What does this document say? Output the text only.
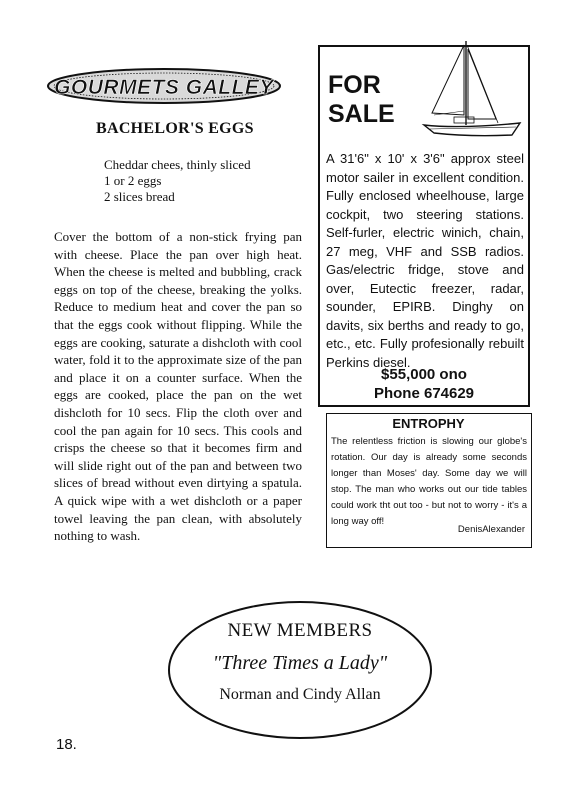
GOURMETS GALLEY
BACHELOR'S EGGS
Cheddar chees, thinly sliced
1 or 2 eggs
2 slices bread
Cover the bottom of a non-stick frying pan with cheese. Place the pan over high heat. When the cheese is melted and bubbling, crack eggs on top of the cheese, breaking the yolks. Reduce to medium heat and cover the pan so that the eggs cook without flipping. While the eggs are cooking, saturate a dishcloth with cool water, fold it to the approximate size of the pan and place it on a counter surface. When the eggs are cooked, place the pan on the wet dishcloth for 10 secs. Flip the cloth over and cool the pan again for 10 secs. This cools and crisps the cheese so that it becomes firm and will slide right out of the pan and between two slices of bread without even dirtying a spatula. A quick wipe with a wet dishcloth or a paper towel leaving the pan clean, with absolutely nothing to wash.
FOR
SALE
A 31'6" x 10' x 3'6" approx steel motor sailer in excellent condition. Fully enclosed wheelhouse, large cockpit, two steering stations. Self-furler, electric winich, chain, 27 meg, VHF and SSB radios. Gas/electric fridge, stove and over, Eutectic freezer, radar, sounder, EPIRB. Dinghy on davits, six berths and ready to go, etc., etc. Fully profesionally rebuilt Perkins diesel.
$55,000 ono
Phone 674629
ENTROPHY
The relentless friction is slowing our globe's rotation. Our day is already some seconds longer than Moses' day. Some day we will stop. The man who works out our tide tables could work tht out too - but not to worry - it's a long way off!
DenisAlexander
NEW MEMBERS
"Three Times a Lady"
Norman and Cindy Allan
18.
